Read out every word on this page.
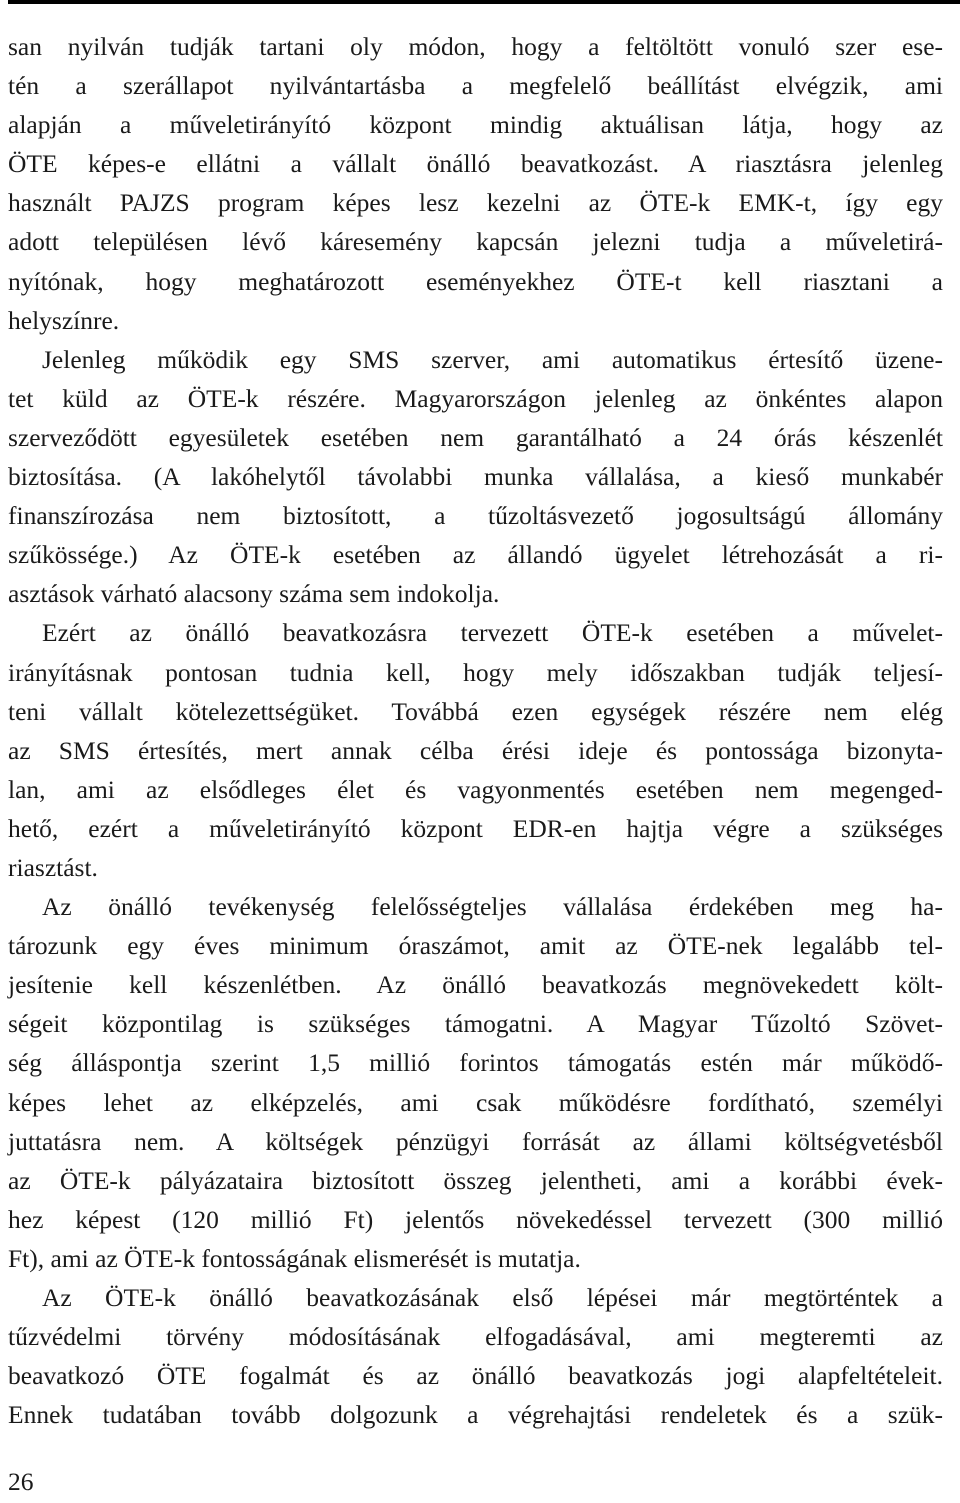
san nyilván tudják tartani oly módon, hogy a feltöltött vonuló szer ese-
tén a szerállapot nyilvántartásba a megfelelő beállítást elvégzik, ami
alapján a műveletirányító központ mindig aktuálisan látja, hogy az
ÖTE képes-e ellátni a vállalt önálló beavatkozást. A riasztásra jelenleg
használt PAJZS program képes lesz kezelni az ÖTE-k EMK-t, így egy
adott településen lévő káresemény kapcsán jelezni tudja a műveletirá-
nyítónak, hogy meghatározott eseményekhez ÖTE-t kell riasztani a
helyszínre.
Jelenleg működik egy SMS szerver, ami automatikus értesítő üzene-
tet küld az ÖTE-k részére. Magyarországon jelenleg az önkéntes alapon
szerveződött egyesületek esetében nem garantálható a 24 órás készenlét
biztosítása. (A lakóhelytől távolabbi munka vállalása, a kieső munkabér
finanszírozása nem biztosított, a tűzoltásvezető jogosultságú állomány
szűkössége.) Az ÖTE-k esetében az állandó ügyelet létrehozását a ri-
asztások várható alacsony száma sem indokolja.
Ezért az önálló beavatkozásra tervezett ÖTE-k esetében a művelet-
irányításnak pontosan tudnia kell, hogy mely időszakban tudják teljesí-
teni vállalt kötelezettségüket. Továbbá ezen egységek részére nem elég
az SMS értesítés, mert annak célba érési ideje és pontossága bizonyta-
lan, ami az elsődleges élet és vagyonmentés esetében nem megenged-
hető, ezért a műveletirányító központ EDR-en hajtja végre a szükséges
riasztást.
Az önálló tevékenység felelősségteljes vállalása érdekében meg ha-
tározunk egy éves minimum óraszámot, amit az ÖTE-nek legalább tel-
jesítenie kell készenlétben. Az önálló beavatkozás megnövekedett költ-
ségeit központilag is szükséges támogatni. A Magyar Tűzoltó Szövet-
ség álláspontja szerint 1,5 millió forintos támogatás estén már működő-
képes lehet az elképzelés, ami csak működésre fordítható, személyi
juttatásra nem. A költségek pénzügyi forrását az állami költségvetésből
az ÖTE-k pályázataira biztosított összeg jelentheti, ami a korábbi évek-
hez képest (120 millió Ft) jelentős növekedéssel tervezett (300 millió
Ft), ami az ÖTE-k fontosságának elismerését is mutatja.
Az ÖTE-k önálló beavatkozásának első lépései már megtörténtek a
tűzvédelmi törvény módosításának elfogadásával, ami megteremti az
beavatkozó ÖTE fogalmát és az önálló beavatkozás jogi alapfeltételeit.
Ennek tudatában tovább dolgozunk a végrehajtási rendeletek és a szük-
26
